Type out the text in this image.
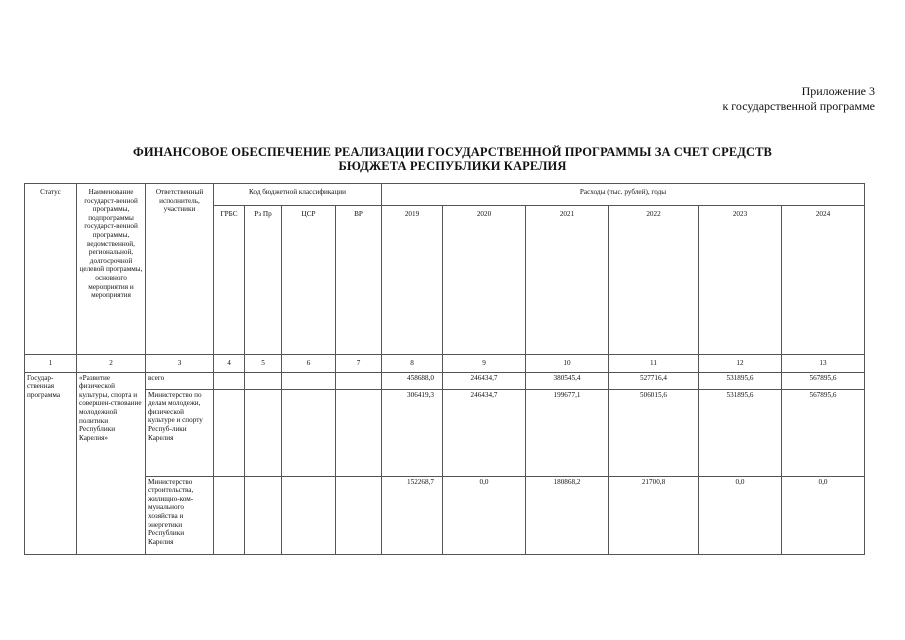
Приложение 3
к государственной программе
ФИНАНСОВОЕ ОБЕСПЕЧЕНИЕ РЕАЛИЗАЦИИ ГОСУДАРСТВЕННОЙ ПРОГРАММЫ ЗА СЧЕТ СРЕДСТВ
БЮДЖЕТА РЕСПУБЛИКИ КАРЕЛИЯ
Статус	Наименование государст-венной программы, подпрограммы государст-венной программы, ведомственной, региональной, долгосрочной целевой программы, основного мероприятия и мероприятия	Ответственный исполнитель, участники	Код бюджетной классификации				Расходы (тыс. рублей), годы					
			ГРБС	Рз Пр	ЦСР	ВР	2019	2020	2021	2022	2023	2024
1	2	3	4	5	6	7	8	9	10	11	12	13
Государ-ственная программа	«Развитие физической культуры, спорта и совершен-ствование молодежной политики Республики Карелия»	всего					458688,0	246434,7	380545,4	527716,4	531895,6	567895,6
		Министерство по делам молодежи, физической культуре и спорту Респуб-лики Карелия					306419,3	246434,7	199677,1	506015,6	531895,6	567895,6
		Министерство строительства, жилищно-ком-мунального хозяйства и энергетики Республики Карелия					152268,7	0,0	180868,2	21700,8	0,0	0,0
